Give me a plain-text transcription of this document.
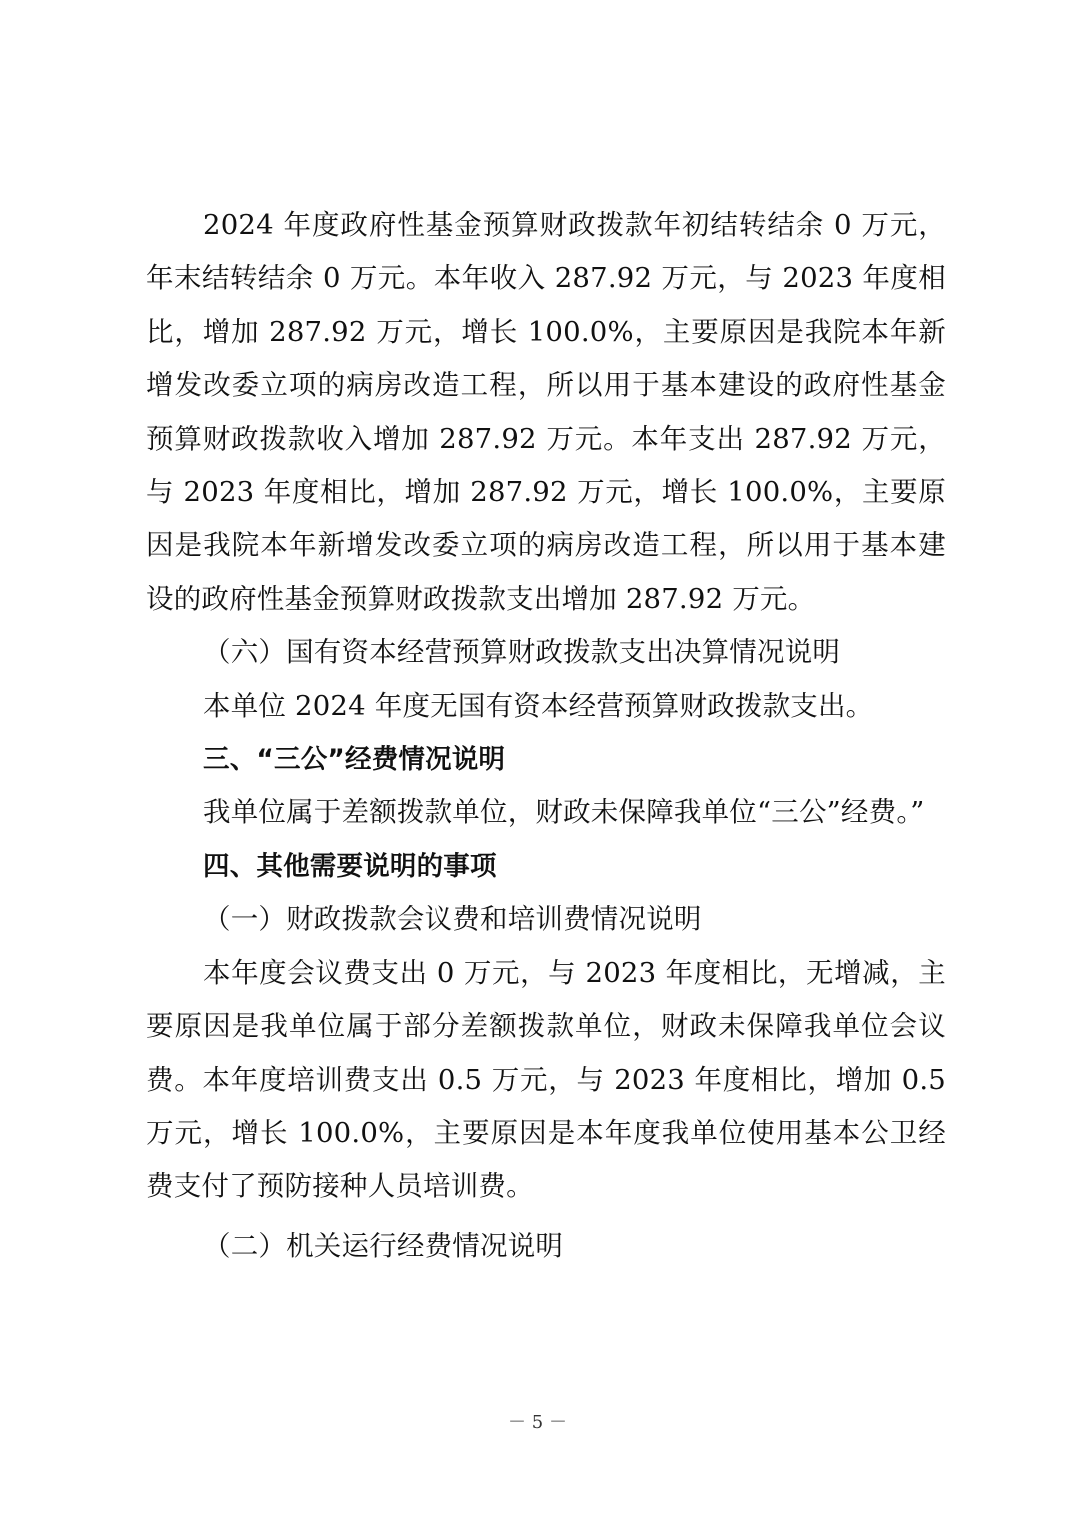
2024 年度政府性基金预算财政拨款年初结转结余 0 万元，年末结转结余 0 万元。本年收入 287.92 万元，与 2023 年度相比，增加 287.92 万元，增长 100.0%，主要原因是我院本年新增发改委立项的病房改造工程，所以用于基本建设的政府性基金预算财政拨款收入增加 287.92 万元。本年支出 287.92 万元，与 2023 年度相比，增加 287.92 万元，增长 100.0%，主要原因是我院本年新增发改委立项的病房改造工程，所以用于基本建设的政府性基金预算财政拨款支出增加 287.92 万元。

（六）国有资本经营预算财政拨款支出决算情况说明

本单位 2024 年度无国有资本经营预算财政拨款支出。

三、“三公”经费情况说明

我单位属于差额拨款单位，财政未保障我单位“三公”经费。”

四、其他需要说明的事项

（一）财政拨款会议费和培训费情况说明

本年度会议费支出 0 万元，与 2023 年度相比，无增减，主要原因是我单位属于部分差额拨款单位，财政未保障我单位会议费。本年度培训费支出 0.5 万元，与 2023 年度相比，增加 0.5 万元，增长 100.0%，主要原因是本年度我单位使用基本公卫经费支付了预防接种人员培训费。

（二）机关运行经费情况说明

－ 5 －
